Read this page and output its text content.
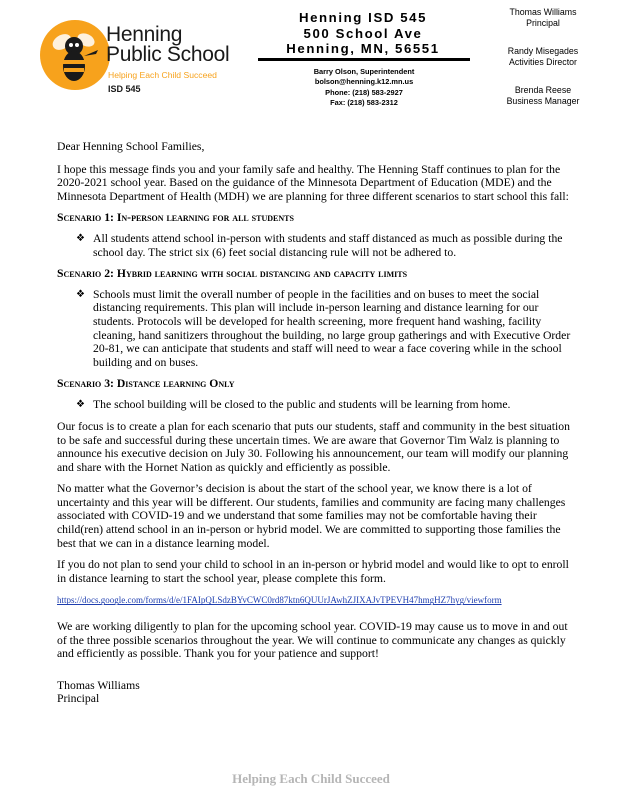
Henning
Public School
Helping Each Child Succeed
ISD 545
Henning ISD 545
500 School Ave
Henning, MN, 56551
Barry Olson, Superintendent
bolson@henning.k12.mn.us
Phone: (218) 583-2927
Fax: (218) 583-2312
Thomas Williams
Principal
Randy Misegades
Activities Director
Brenda Reese
Business Manager

Dear Henning School Families,

I hope this message finds you and your family safe and healthy. The Henning Staff continues to plan for the 2020-2021 school year. Based on the guidance of the Minnesota Department of Education (MDE) and the Minnesota Department of Health (MDH) we are planning for three different scenarios to start school this fall:

Scenario 1: In-person learning for all students

❖ All students attend school in-person with students and staff distanced as much as possible during the school day. The strict six (6) feet social distancing rule will not be adhered to.

Scenario 2: Hybrid learning with social distancing and capacity limits

❖ Schools must limit the overall number of people in the facilities and on buses to meet the social distancing requirements. This plan will include in-person learning and distance learning for our students. Protocols will be developed for health screening, more frequent hand washing, facility cleaning, hand sanitizers throughout the building, no large group gatherings and with Executive Order 20-81, we can anticipate that students and staff will need to wear a face covering while in the school building and on buses.

Scenario 3: Distance learning Only

❖ The school building will be closed to the public and students will be learning from home.

Our focus is to create a plan for each scenario that puts our students, staff and community in the best situation to be safe and successful during these uncertain times. We are aware that Governor Tim Walz is planning to announce his executive decision on July 30. Following his announcement, our team will modify our planning and share with the Hornet Nation as quickly and efficiently as possible.

No matter what the Governor’s decision is about the start of the school year, we know there is a lot of uncertainty and this year will be different. Our students, families and community are facing many challenges associated with COVID-19 and we understand that some families may not be comfortable having their child(ren) attend school in an in-person or hybrid model. We are committed to supporting those families the best that we can in a distance learning model.

If you do not plan to send your child to school in an in-person or hybrid model and would like to opt to enroll in distance learning to start the school year, please complete this form.

https://docs.google.com/forms/d/e/1FAIpQLSdzBYvCWC0rd87ktn6QUUrJAwhZJIXAJvTPEVH47hmgHZ7hyg/viewform

We are working diligently to plan for the upcoming school year. COVID-19 may cause us to move in and out of the three possible scenarios throughout the year. We will continue to communicate any changes as quickly and efficiently as possible. Thank you for your patience and support!

Thomas Williams
Principal
Helping Each Child Succeed
